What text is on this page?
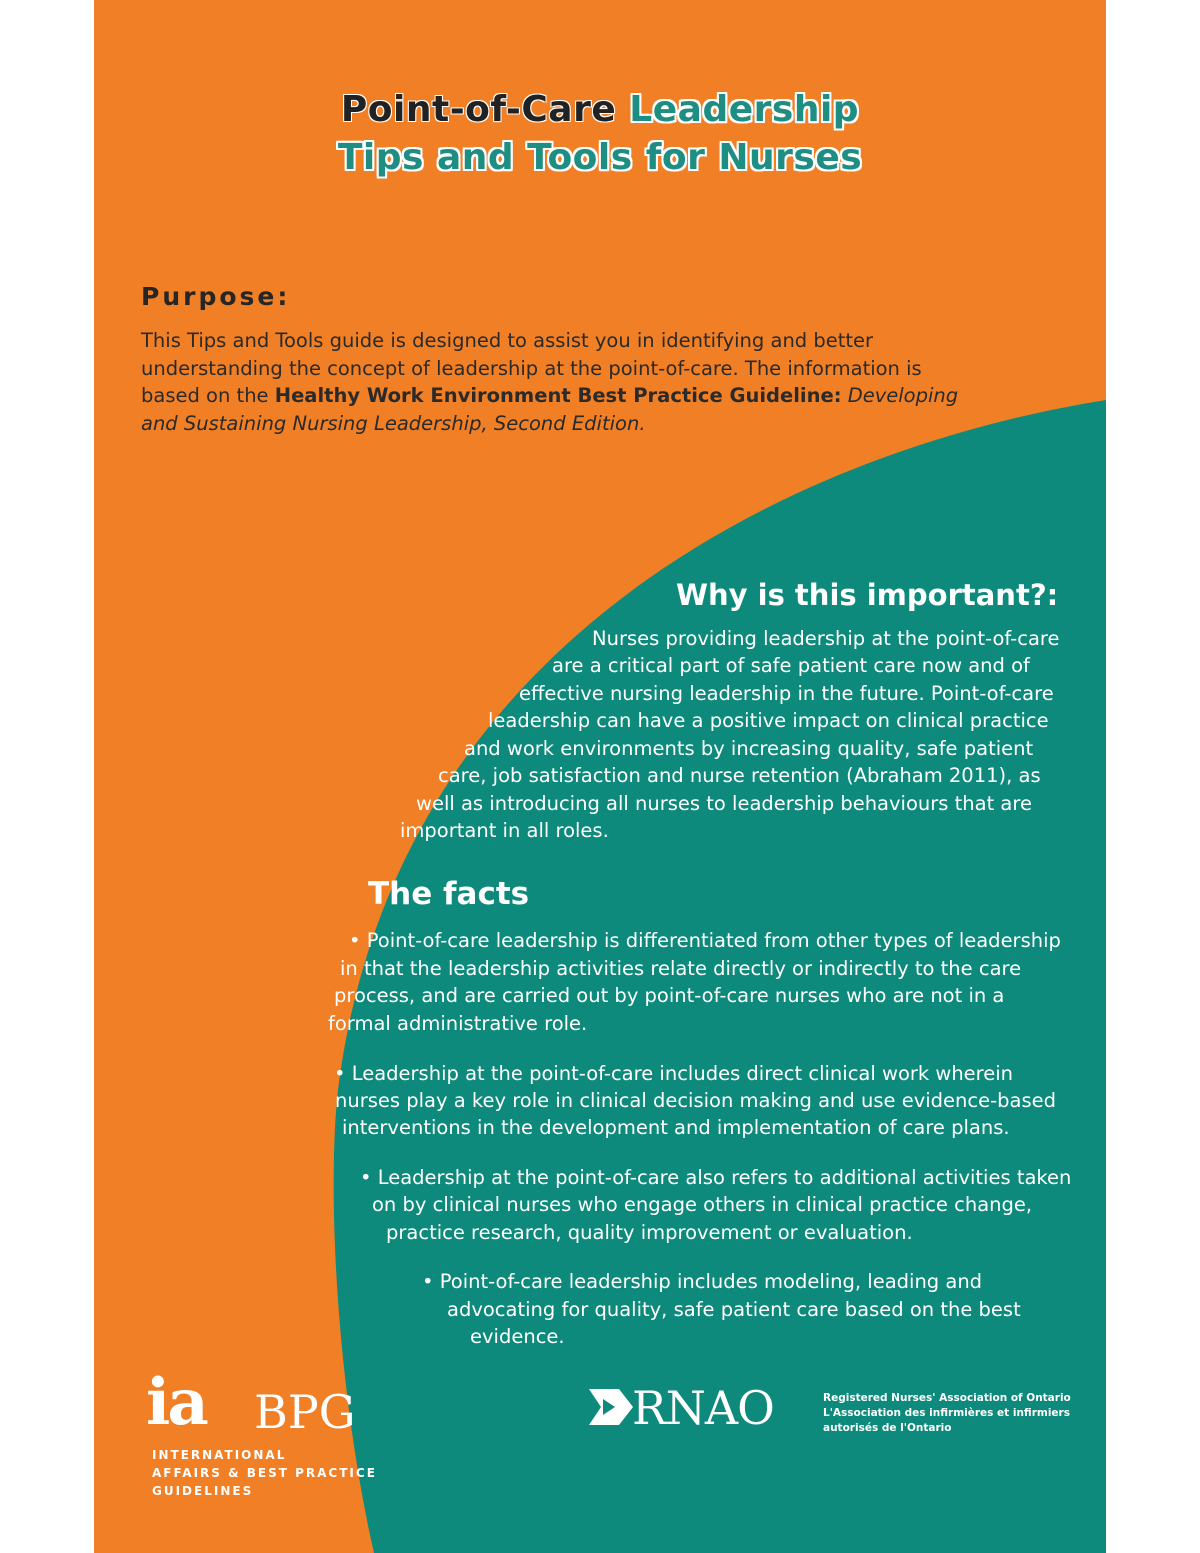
Point-of-Care Leadership
Tips and Tools for Nurses
Purpose:

This Tips and Tools guide is designed to assist you in identifying and better understanding the concept of leadership at the point-of-care. The information is based on the Healthy Work Environment Best Practice Guideline: Developing and Sustaining Nursing Leadership, Second Edition.

Why is this important?:
Nurses providing leadership at the point-of-care
are a critical part of safe patient care now and of
effective nursing leadership in the future. Point-of-care
leadership can have a positive impact on clinical practice
and work environments by increasing quality, safe patient
care, job satisfaction and nurse retention (Abraham 2011), as
well as introducing all nurses to leadership behaviours that are
important in all roles.
The facts
• Point-of-care leadership is differentiated from other types of leadership
in that the leadership activities relate directly or indirectly to the care
process, and are carried out by point-of-care nurses who are not in a
formal administrative role.
• Leadership at the point-of-care includes direct clinical work wherein
nurses play a key role in clinical decision making and use evidence-based
interventions in the development and implementation of care plans.
• Leadership at the point-of-care also refers to additional activities taken
on by clinical nurses who engage others in clinical practice change,
practice research, quality improvement or evaluation.
• Point-of-care leadership includes modeling, leading and
advocating for quality, safe patient care based on the best
evidence.
ia BPG
INTERNATIONAL
AFFAIRS & BEST PRACTICE
GUIDELINES
RNAO	Registered Nurses' Association of Ontario
L'Association des infirmières et infirmiers
autorisés de l'Ontario
